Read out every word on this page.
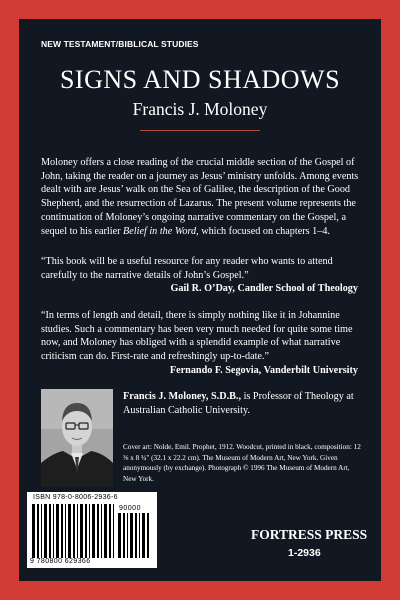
NEW TESTAMENT/BIBLICAL STUDIES
SIGNS AND SHADOWS
Francis J. Moloney
Moloney offers a close reading of the crucial middle section of the Gospel of John, taking the reader on a journey as Jesus’ ministry unfolds. Among events dealt with are Jesus’ walk on the Sea of Galilee, the description of the Good Shepherd, and the resurrection of Lazarus. The present volume represents the continuation of Moloney’s ongoing narrative commentary on the Gospel, a sequel to his earlier Belief in the Word, which focused on chapters 1–4.
“This book will be a useful resource for any reader who wants to attend carefully to the narrative details of John’s Gospel.”
Gail R. O’Day, Candler School of Theology
“In terms of length and detail, there is simply nothing like it in Johannine studies. Such a commentary has been very much needed for quite some time now, and Moloney has obliged with a splendid example of what narrative criticism can do. First-rate and refreshingly up-to-date.”
Fernando F. Segovia, Vanderbilt University
Francis J. Moloney, S.D.B., is Professor of Theology at Australian Catholic University.
Cover art: Nolde, Emil. Prophet, 1912. Woodcut, printed in black, composition: 12 ⅝ x 8 ¾" (32.1 x 22.2 cm). The Museum of Modern Art, New York. Given anonymously (by exchange). Photograph © 1996 The Museum of Modern Art, New York.
ISBN 978-0-8006-2936-6
90000
9 780800 629366
FORTRESS PRESS
1-2936
